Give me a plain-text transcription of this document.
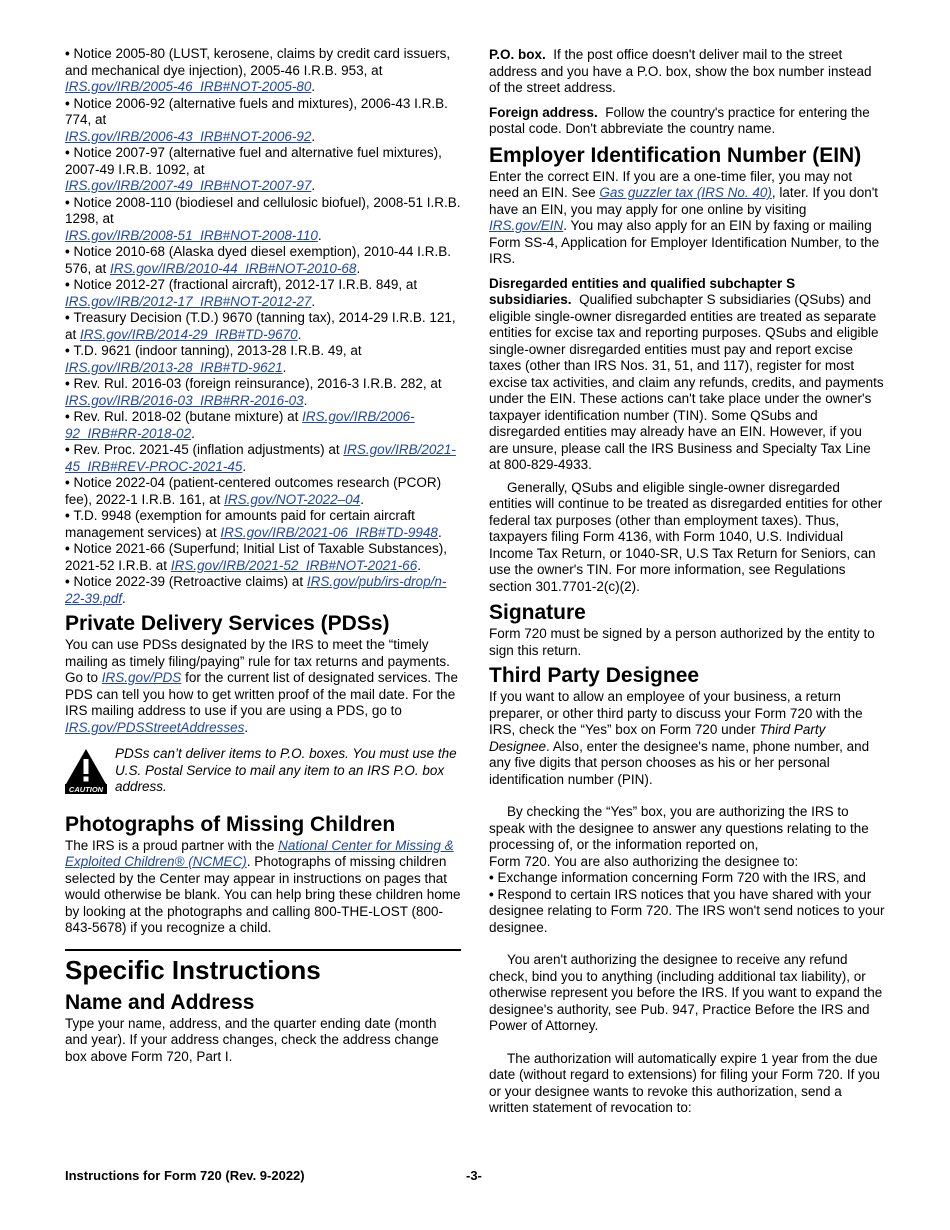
• Notice 2005-80 (LUST, kerosene, claims by credit card issuers, and mechanical dye injection), 2005-46 I.R.B. 953, at IRS.gov/IRB/2005-46_IRB#NOT-2005-80.

• Notice 2006-92 (alternative fuels and mixtures), 2006-43 I.R.B. 774, at
IRS.gov/IRB/2006-43_IRB#NOT-2006-92.

• Notice 2007-97 (alternative fuel and alternative fuel mixtures), 2007-49 I.R.B. 1092, at
IRS.gov/IRB/2007-49_IRB#NOT-2007-97.

• Notice 2008-110 (biodiesel and cellulosic biofuel), 2008-51 I.R.B. 1298, at
IRS.gov/IRB/2008-51_IRB#NOT-2008-110.

• Notice 2010-68 (Alaska dyed diesel exemption), 2010-44 I.R.B. 576, at IRS.gov/IRB/2010-44_IRB#NOT-2010-68.

• Notice 2012-27 (fractional aircraft), 2012-17 I.R.B. 849, at IRS.gov/IRB/2012-17_IRB#NOT-2012-27.

• Treasury Decision (T.D.) 9670 (tanning tax), 2014-29 I.R.B. 121, at IRS.gov/IRB/2014-29_IRB#TD-9670.

• T.D. 9621 (indoor tanning), 2013-28 I.R.B. 49, at IRS.gov/IRB/2013-28_IRB#TD-9621.

• Rev. Rul. 2016-03 (foreign reinsurance), 2016-3 I.R.B. 282, at IRS.gov/IRB/2016-03_IRB#RR-2016-03.

• Rev. Rul. 2018-02 (butane mixture) at IRS.gov/IRB/2006-92_IRB#RR-2018-02.

• Rev. Proc. 2021-45 (inflation adjustments) at IRS.gov/IRB/2021-45_IRB#REV-PROC-2021-45.

• Notice 2022-04 (patient-centered outcomes research (PCOR) fee), 2022-1 I.R.B. 161, at IRS.gov/NOT-2022–04.

• T.D. 9948 (exemption for amounts paid for certain aircraft management services) at IRS.gov/IRB/2021-06_IRB#TD-9948.

• Notice 2021-66 (Superfund; Initial List of Taxable Substances), 2021-52 I.R.B. at IRS.gov/IRB/2021-52_IRB#NOT-2021-66.

• Notice 2022-39 (Retroactive claims) at IRS.gov/pub/irs-drop/n-22-39.pdf.

Private Delivery Services (PDSs)

You can use PDSs designated by the IRS to meet the “timely mailing as timely filing/paying” rule for tax returns and payments. Go to IRS.gov/PDS for the current list of designated services. The PDS can tell you how to get written proof of the mail date. For the IRS mailing address to use if you are using a PDS, go to IRS.gov/PDSStreetAddresses.

CAUTION

PDSs can’t deliver items to P.O. boxes. You must use the U.S. Postal Service to mail any item to an IRS P.O. box address.

Photographs of Missing Children

The IRS is a proud partner with the National Center for Missing & Exploited Children® (NCMEC). Photographs of missing children selected by the Center may appear in instructions on pages that would otherwise be blank. You can help bring these children home by looking at the photographs and calling 800-THE-LOST (800-843-5678) if you recognize a child.

Specific Instructions
Name and Address

Type your name, address, and the quarter ending date (month and year). If your address changes, check the address change box above Form 720, Part I.

P.O. box. If the post office doesn't deliver mail to the street address and you have a P.O. box, show the box number instead of the street address.

Foreign address. Follow the country's practice for entering the postal code. Don't abbreviate the country name.

Employer Identification Number (EIN)

Enter the correct EIN. If you are a one-time filer, you may not need an EIN. See Gas guzzler tax (IRS No. 40), later. If you don't have an EIN, you may apply for one online by visiting IRS.gov/EIN. You may also apply for an EIN by faxing or mailing Form SS-4, Application for Employer Identification Number, to the IRS.

Disregarded entities and qualified subchapter S subsidiaries. Qualified subchapter S subsidiaries (QSubs) and eligible single-owner disregarded entities are treated as separate entities for excise tax and reporting purposes. QSubs and eligible single-owner disregarded entities must pay and report excise taxes (other than IRS Nos. 31, 51, and 117), register for most excise tax activities, and claim any refunds, credits, and payments under the EIN. These actions can't take place under the owner's taxpayer identification number (TIN). Some QSubs and disregarded entities may already have an EIN. However, if you are unsure, please call the IRS Business and Specialty Tax Line at 800-829-4933.

Generally, QSubs and eligible single-owner disregarded entities will continue to be treated as disregarded entities for other federal tax purposes (other than employment taxes). Thus, taxpayers filing Form 4136, with Form 1040, U.S. Individual Income Tax Return, or 1040-SR, U.S Tax Return for Seniors, can use the owner's TIN. For more information, see Regulations section 301.7701-2(c)(2).

Signature

Form 720 must be signed by a person authorized by the entity to sign this return.

Third Party Designee

If you want to allow an employee of your business, a return preparer, or other third party to discuss your Form 720 with the IRS, check the “Yes” box on Form 720 under Third Party Designee. Also, enter the designee's name, phone number, and any five digits that person chooses as his or her personal identification number (PIN).

By checking the “Yes” box, you are authorizing the IRS to speak with the designee to answer any questions relating to the processing of, or the information reported on,

Form 720. You are also authorizing the designee to:

• Exchange information concerning Form 720 with the IRS, and

• Respond to certain IRS notices that you have shared with your designee relating to Form 720. The IRS won't send notices to your designee.

You aren't authorizing the designee to receive any refund check, bind you to anything (including additional tax liability), or otherwise represent you before the IRS. If you want to expand the designee's authority, see Pub. 947, Practice Before the IRS and Power of Attorney.

The authorization will automatically expire 1 year from the due date (without regard to extensions) for filing your Form 720. If you or your designee wants to revoke this authorization, send a written statement of revocation to:

Instructions for Form 720 (Rev. 9-2022)	-3-
